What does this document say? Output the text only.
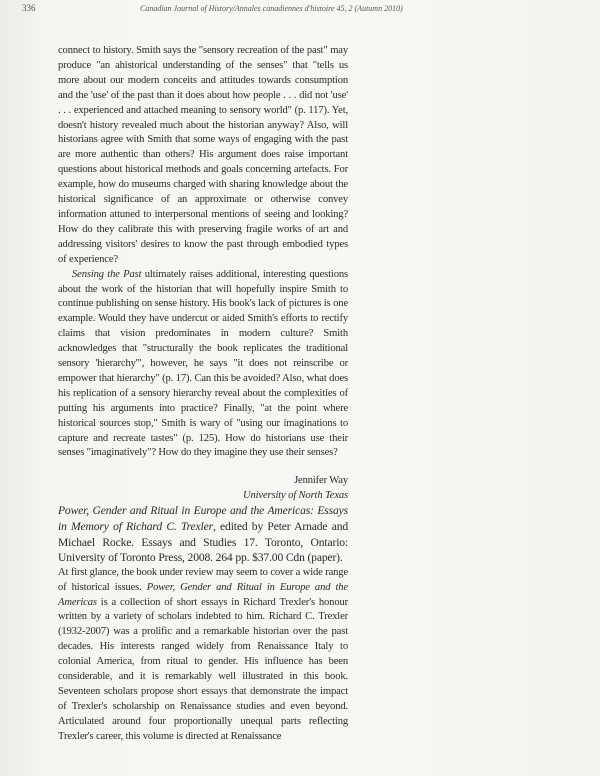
336	Canadian Journal of History/Annales canadiennes d'histoire 45, 2 (Autumn 2010)

connect to history. Smith says the "sensory recreation of the past" may produce "an ahistorical understanding of the senses" that "tells us more about our modern conceits and attitudes towards consumption and the 'use' of the past than it does about how people . . . did not 'use' . . . experienced and attached meaning to sensory world" (p. 117). Yet, doesn't history revealed much about the historian anyway? Also, will historians agree with Smith that some ways of engaging with the past are more authentic than others? His argument does raise important questions about historical methods and goals concerning artefacts. For example, how do museums charged with sharing knowledge about the historical significance of an approximate or otherwise convey information attuned to interpersonal mentions of seeing and looking? How do they calibrate this with preserving fragile works of art and addressing visitors' desires to know the past through embodied types of experience?

Sensing the Past ultimately raises additional, interesting questions about the work of the historian that will hopefully inspire Smith to continue publishing on sense history. His book's lack of pictures is one example. Would they have undercut or aided Smith's efforts to rectify claims that vision predominates in modern culture? Smith acknowledges that "structurally the book replicates the traditional sensory 'hierarchy'", however, he says "it does not reinscribe or empower that hierarchy" (p. 17). Can this be avoided? Also, what does his replication of a sensory hierarchy reveal about the complexities of putting his arguments into practice? Finally, "at the point where historical sources stop," Smith is wary of "using our imaginations to capture and recreate tastes" (p. 125). How do historians use their senses "imaginatively"? How do they imagine they use their senses?

Jennifer Way
University of North Texas

Power, Gender and Ritual in Europe and the Americas: Essays in Memory of Richard C. Trexler, edited by Peter Arnade and Michael Rocke. Essays and Studies 17. Toronto, Ontario: University of Toronto Press, 2008. 264 pp. $37.00 Cdn (paper).

At first glance, the book under review may seem to cover a wide range of historical issues. Power, Gender and Ritual in Europe and the Americas is a collection of short essays in Richard Trexler's honour written by a variety of scholars indebted to him. Richard C. Trexler (1932-2007) was a prolific and a remarkable historian over the past decades. His interests ranged widely from Renaissance Italy to colonial America, from ritual to gender. His influence has been considerable, and it is remarkably well illustrated in this book. Seventeen scholars propose short essays that demonstrate the impact of Trexler's scholarship on Renaissance studies and even beyond. Articulated around four proportionally unequal parts reflecting Trexler's career, this volume is directed at Renaissance
